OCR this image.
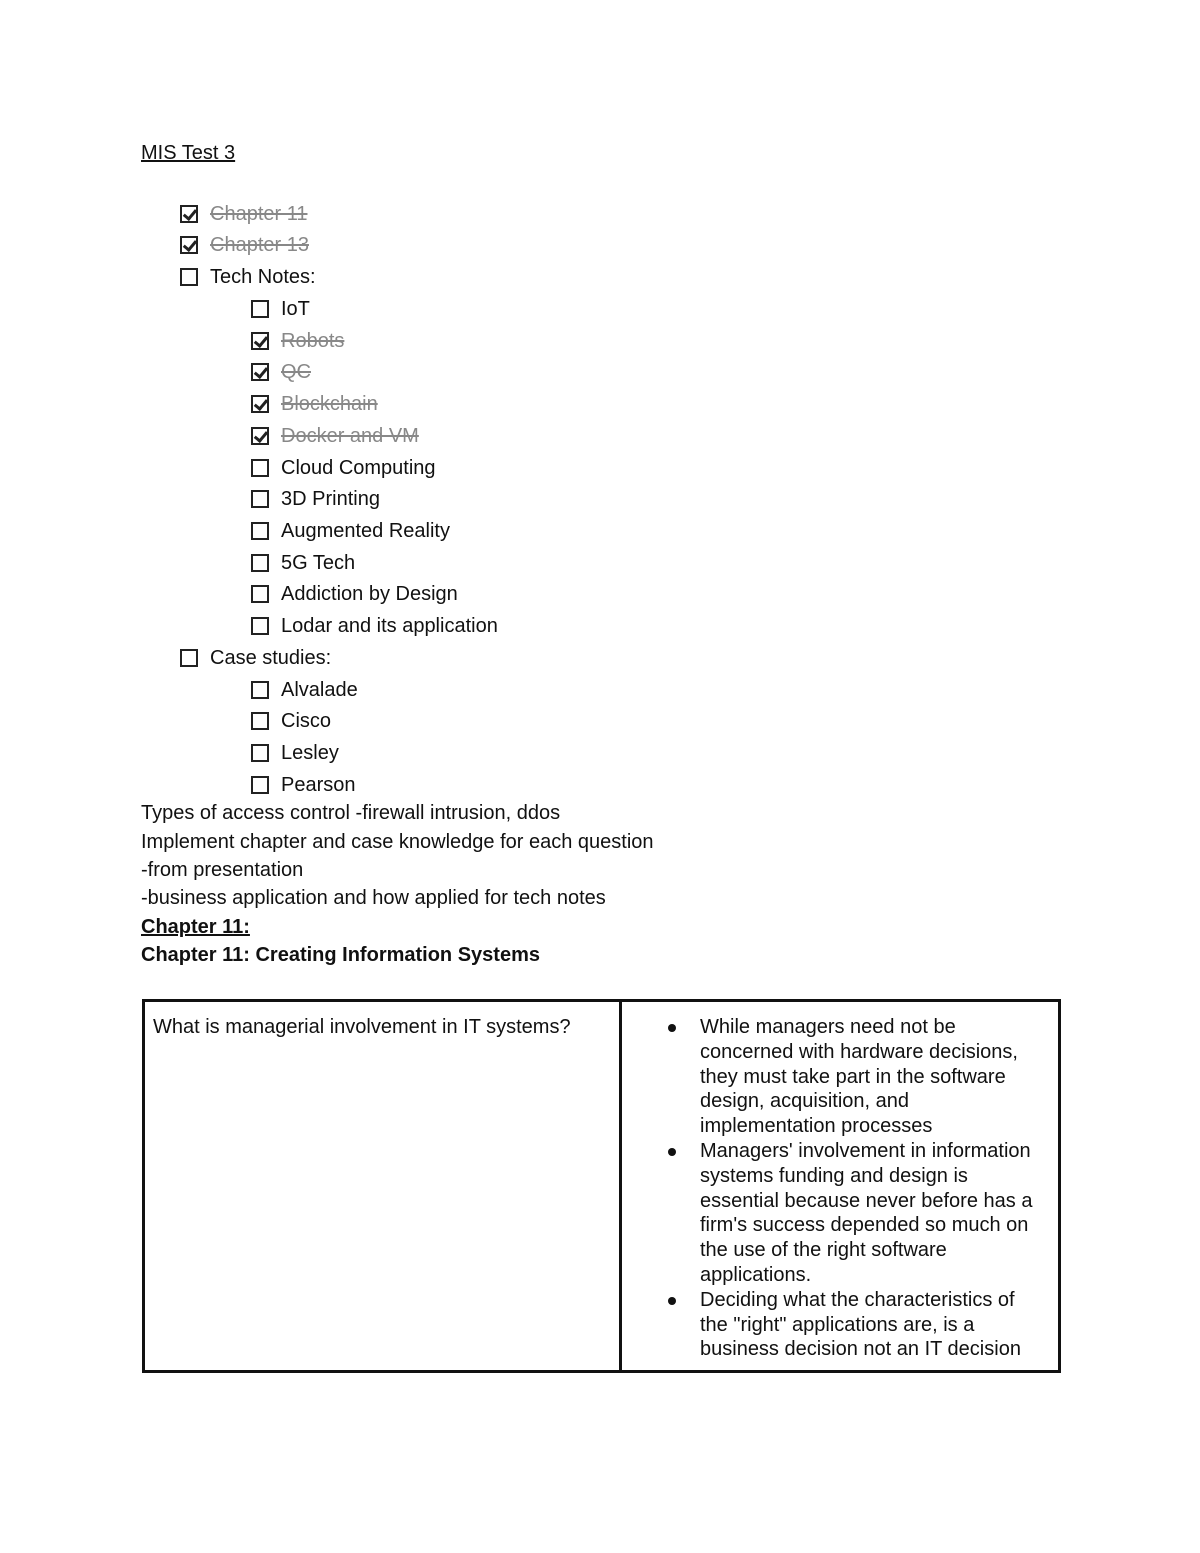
MIS Test 3
Chapter 11
Chapter 13
Tech Notes:
IoT
Robots
QC
Blockchain
Docker and VM
Cloud Computing
3D Printing
Augmented Reality
5G Tech
Addiction by Design
Lodar and its application
Case studies:
Alvalade
Cisco
Lesley
Pearson
Types of access control -firewall intrusion, ddos
Implement chapter and case knowledge for each question
-from presentation
-business application and how applied for tech notes
Chapter 11:
Chapter 11: Creating Information Systems
What is managerial involvement in IT systems?	While managers need not be concerned with hardware decisions, they must take part in the software design, acquisition, and implementation processes
Managers' involvement in information systems funding and design is essential because never before has a firm's success depended so much on the use of the right software applications.
Deciding what the characteristics of the "right" applications are, is a business decision not an IT decision
